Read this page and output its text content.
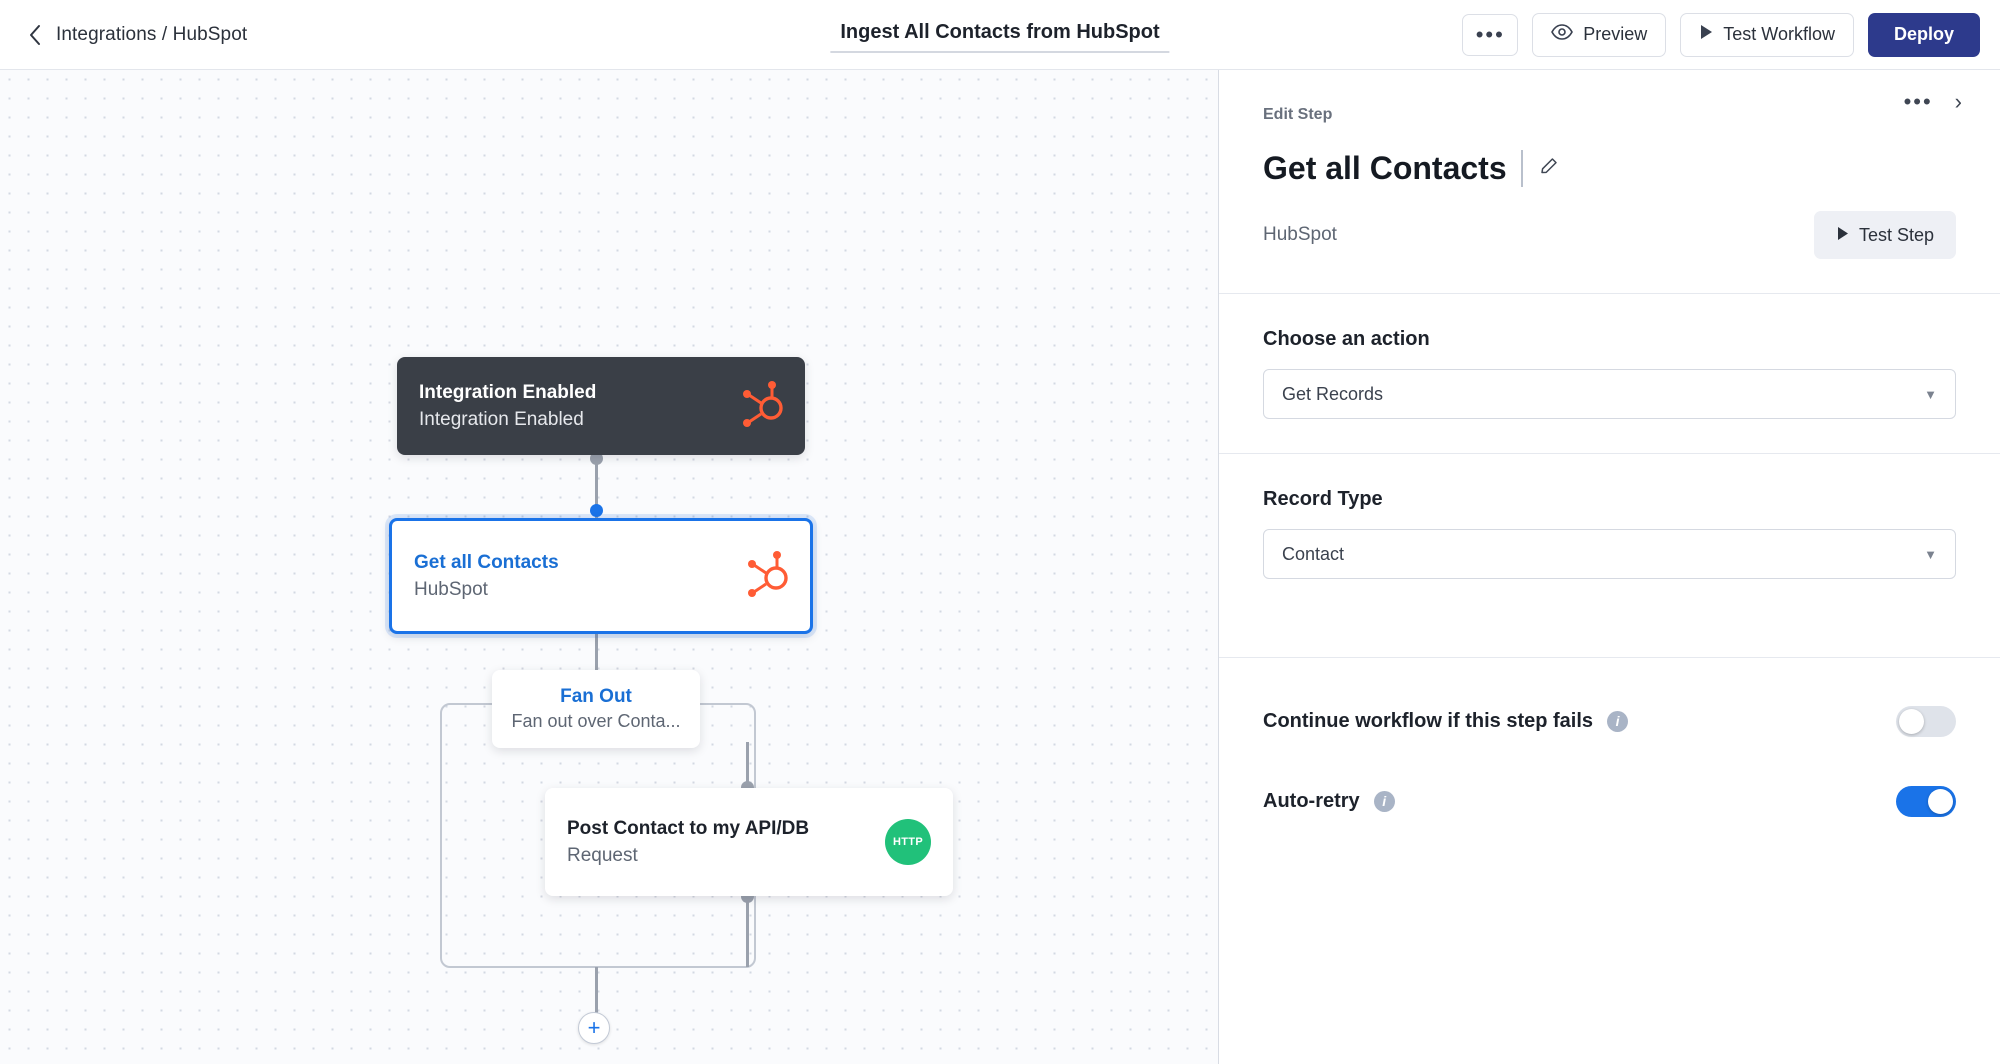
Integrations / HubSpot	Ingest All Contacts from HubSpot	•••	Preview	Test Workflow	Deploy
Integration Enabled
Integration Enabled
Get all Contacts
HubSpot
Fan Out
Fan out over Conta...
Post Contact to my API/DB
Request
HTTP
+
Edit Step
••• ›
Get all Contacts
HubSpot	Test Step
Choose an action
Get Records	▼
Record Type
Contact	▼
Continue workflow if this step fails	i
Auto-retry	i
